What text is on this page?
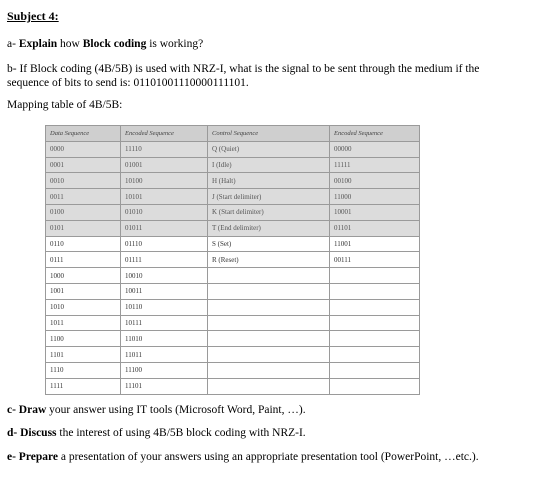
Subject 4:
a- Explain how Block coding is working?
b- If Block coding (4B/5B) is used with NRZ-I, what is the signal to be sent through the medium if the
sequence of bits to send is: 01101001110000111101.
Mapping table of 4B/5B:
Data Sequence	Encoded Sequence	Control Sequence	Encoded Sequence
0000	11110	Q (Quiet)	00000
0001	01001	I (Idle)	11111
0010	10100	H (Halt)	00100
0011	10101	J (Start delimiter)	11000
0100	01010	K (Start delimiter)	10001
0101	01011	T (End delimiter)	01101
0110	01110	S (Set)	11001
0111	01111	R (Reset)	00111
1000	10010		
1001	10011		
1010	10110		
1011	10111		
1100	11010		
1101	11011		
1110	11100		
1111	11101		
c- Draw your answer using IT tools (Microsoft Word, Paint, …).
d- Discuss the interest of using 4B/5B block coding with NRZ-I.
e- Prepare a presentation of your answers using an appropriate presentation tool (PowerPoint, …etc.).
